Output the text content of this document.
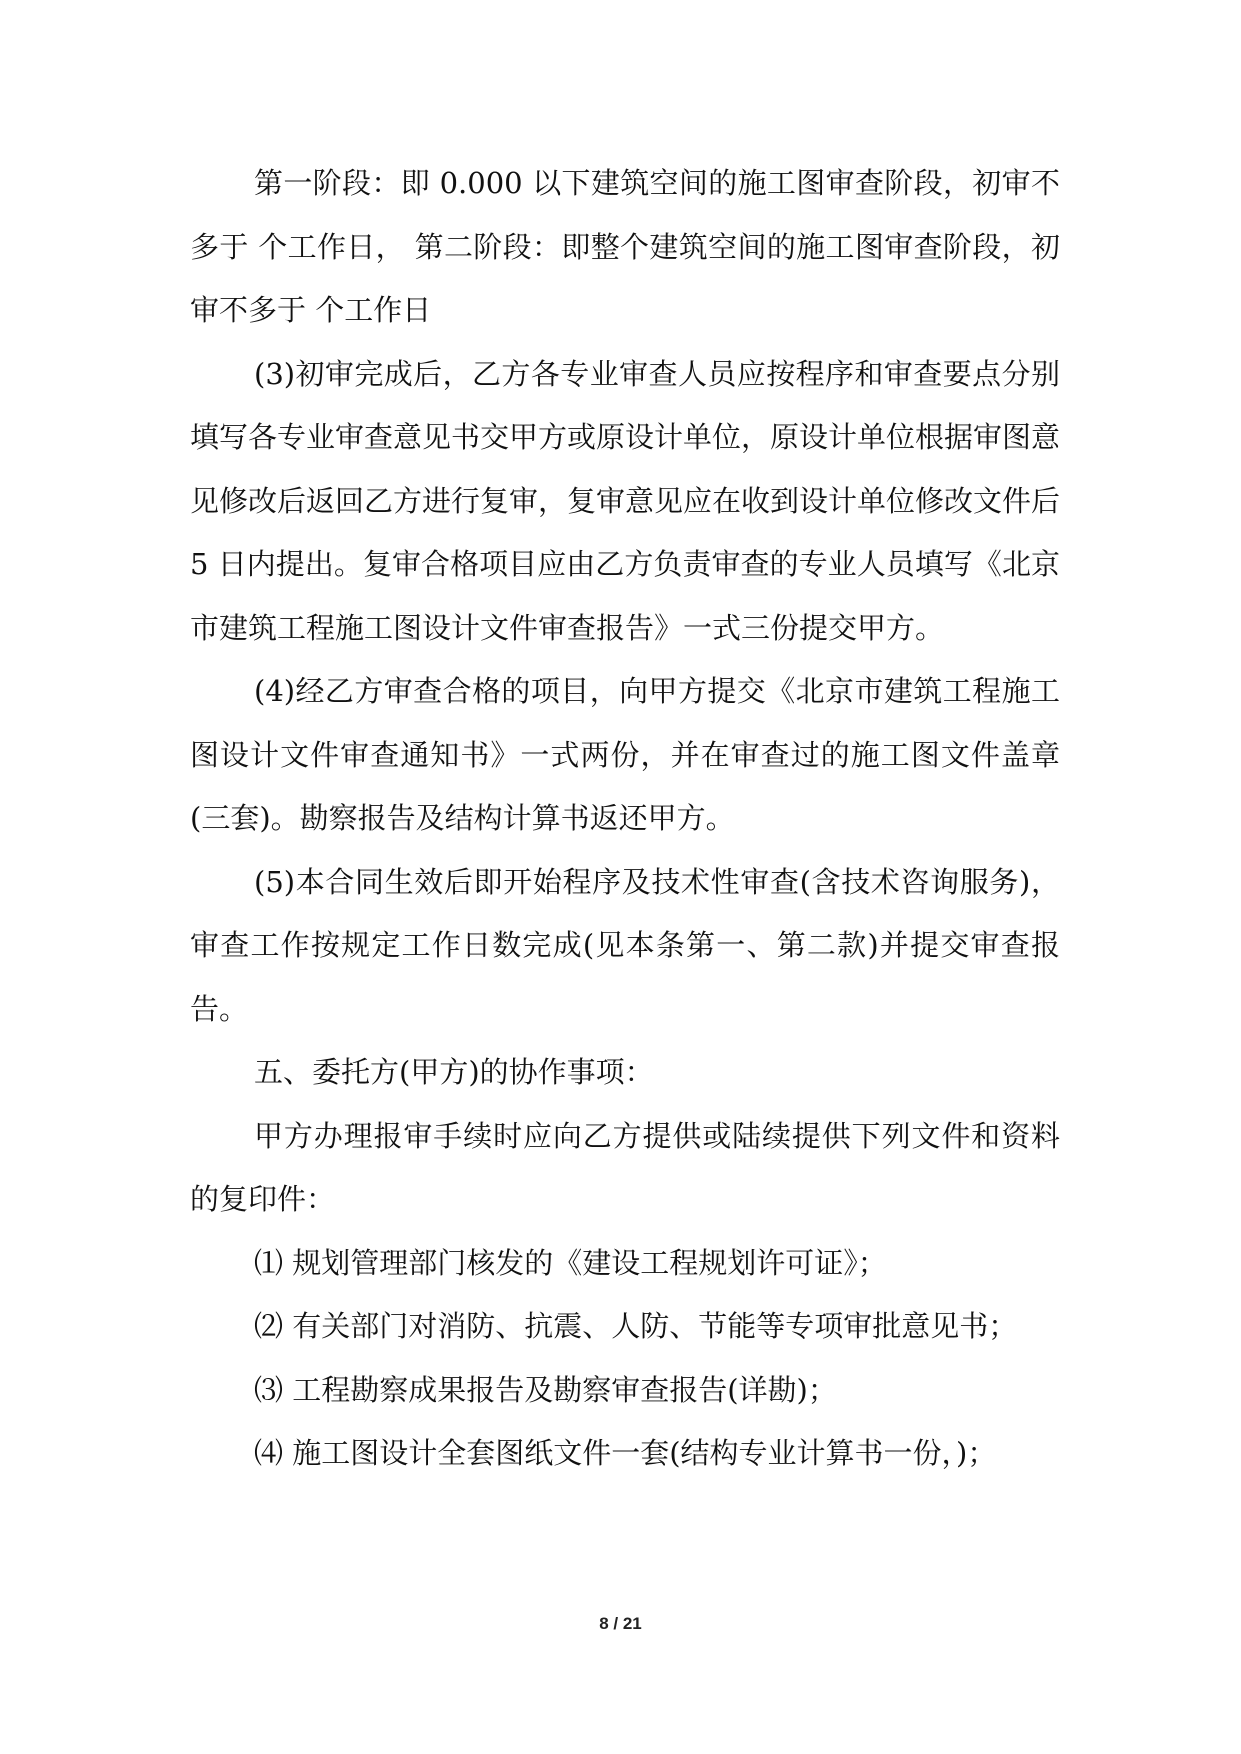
第一阶段：即 0.000 以下建筑空间的施工图审查阶段，初审不多于 个工作日， 第二阶段：即整个建筑空间的施工图审查阶段，初审不多于 个工作日

(3)初审完成后，乙方各专业审查人员应按程序和审查要点分别填写各专业审查意见书交甲方或原设计单位，原设计单位根据审图意见修改后返回乙方进行复审，复审意见应在收到设计单位修改文件后 5 日内提出。复审合格项目应由乙方负责审查的专业人员填写《北京市建筑工程施工图设计文件审查报告》一式三份提交甲方。

(4)经乙方审查合格的项目，向甲方提交《北京市建筑工程施工图设计文件审查通知书》一式两份，并在审查过的施工图文件盖章(三套)。勘察报告及结构计算书返还甲方。

(5)本合同生效后即开始程序及技术性审查(含技术咨询服务)，审查工作按规定工作日数完成(见本条第一、第二款)并提交审查报告。

五、委托方(甲方)的协作事项：

甲方办理报审手续时应向乙方提供或陆续提供下列文件和资料的复印件：

⑴ 规划管理部门核发的《建设工程规划许可证》；

⑵ 有关部门对消防、抗震、人防、节能等专项审批意见书；

⑶ 工程勘察成果报告及勘察审查报告(详勘)；

⑷ 施工图设计全套图纸文件一套(结构专业计算书一份，)；

8 / 21
